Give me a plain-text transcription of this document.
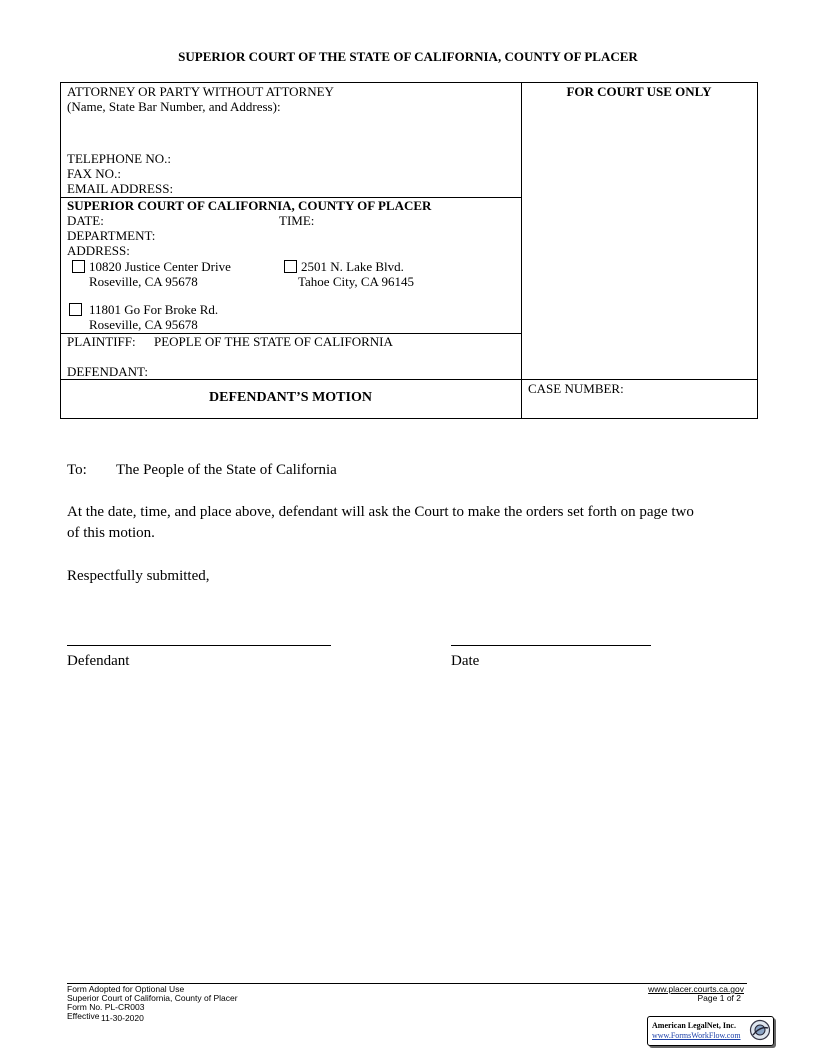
SUPERIOR COURT OF THE STATE OF CALIFORNIA, COUNTY OF PLACER
ATTORNEY OR PARTY WITHOUT ATTORNEY
(Name, State Bar Number, and Address):
TELEPHONE NO.:
FAX NO.:
EMAIL ADDRESS:
FOR COURT USE ONLY
SUPERIOR COURT OF CALIFORNIA, COUNTY OF PLACER
DATE:	TIME:
DEPARTMENT:
ADDRESS:
10820 Justice Center Drive
Roseville, CA 95678
2501 N. Lake Blvd.
Tahoe City, CA 96145
11801 Go For Broke Rd.
Roseville, CA 95678
PLAINTIFF: PEOPLE OF THE STATE OF CALIFORNIA
DEFENDANT:
DEFENDANT’S MOTION
CASE NUMBER:
To: The People of the State of California
At the date, time, and place above, defendant will ask the Court to make the orders set forth on page two
of this motion.
Respectfully submitted,
Defendant	Date
Form Adopted for Optional Use
Superior Court of California, County of Placer
Form No. PL-CR003
Effective 11-30-2020
www.placer.courts.ca.gov
Page 1 of 2
American LegalNet, Inc.
www.FormsWorkFlow.com
